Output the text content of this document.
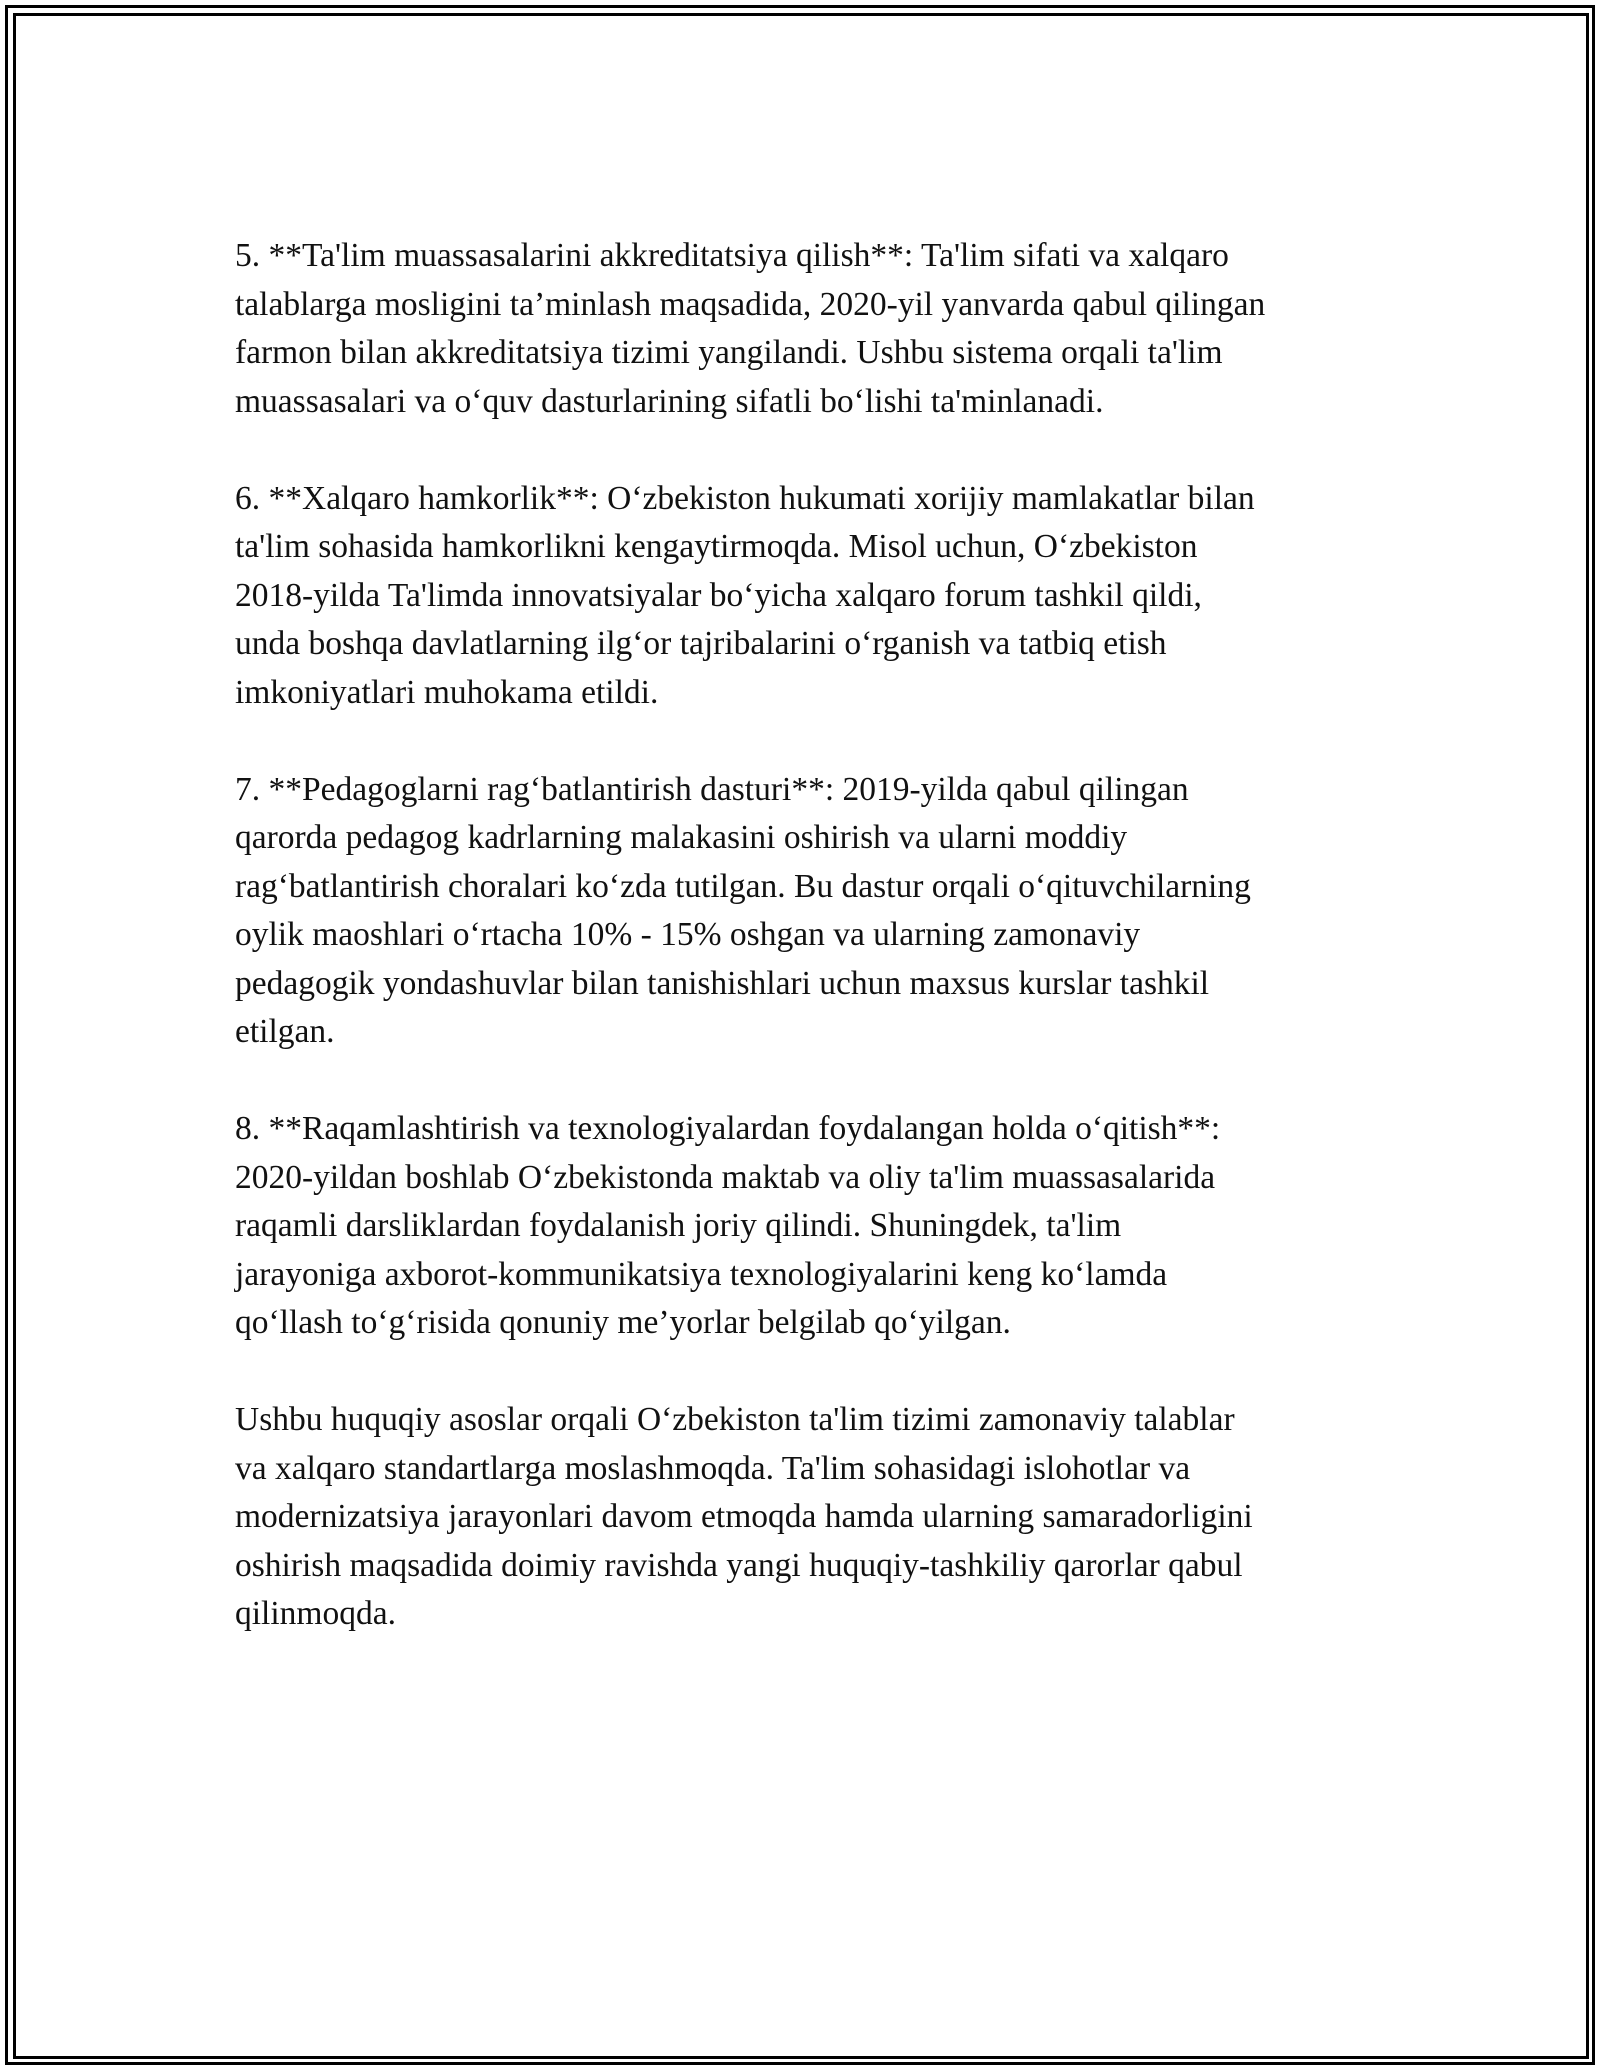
5. **Ta'lim muassasalarini akkreditatsiya qilish**: Ta'lim sifati va xalqaro
talablarga mosligini ta’minlash maqsadida, 2020-yil yanvarda qabul qilingan
farmon bilan akkreditatsiya tizimi yangilandi. Ushbu sistema orqali ta'lim
muassasalari va o‘quv dasturlarining sifatli bo‘lishi ta'minlanadi.

6. **Xalqaro hamkorlik**: O‘zbekiston hukumati xorijiy mamlakatlar bilan
ta'lim sohasida hamkorlikni kengaytirmoqda. Misol uchun, O‘zbekiston
2018-yilda Ta'limda innovatsiyalar bo‘yicha xalqaro forum tashkil qildi,
unda boshqa davlatlarning ilg‘or tajribalarini o‘rganish va tatbiq etish
imkoniyatlari muhokama etildi.

7. **Pedagoglarni rag‘batlantirish dasturi**: 2019-yilda qabul qilingan
qarorda pedagog kadrlarning malakasini oshirish va ularni moddiy
rag‘batlantirish choralari ko‘zda tutilgan. Bu dastur orqali o‘qituvchilarning
oylik maoshlari o‘rtacha 10% - 15% oshgan va ularning zamonaviy
pedagogik yondashuvlar bilan tanishishlari uchun maxsus kurslar tashkil
etilgan.

8. **Raqamlashtirish va texnologiyalardan foydalangan holda o‘qitish**:
2020-yildan boshlab O‘zbekistonda maktab va oliy ta'lim muassasalarida
raqamli darsliklardan foydalanish joriy qilindi. Shuningdek, ta'lim
jarayoniga axborot-kommunikatsiya texnologiyalarini keng ko‘lamda
qo‘llash to‘g‘risida qonuniy me’yorlar belgilab qo‘yilgan.

Ushbu huquqiy asoslar orqali O‘zbekiston ta'lim tizimi zamonaviy talablar
va xalqaro standartlarga moslashmoqda. Ta'lim sohasidagi islohotlar va
modernizatsiya jarayonlari davom etmoqda hamda ularning samaradorligini
oshirish maqsadida doimiy ravishda yangi huquqiy-tashkiliy qarorlar qabul
qilinmoqda.
